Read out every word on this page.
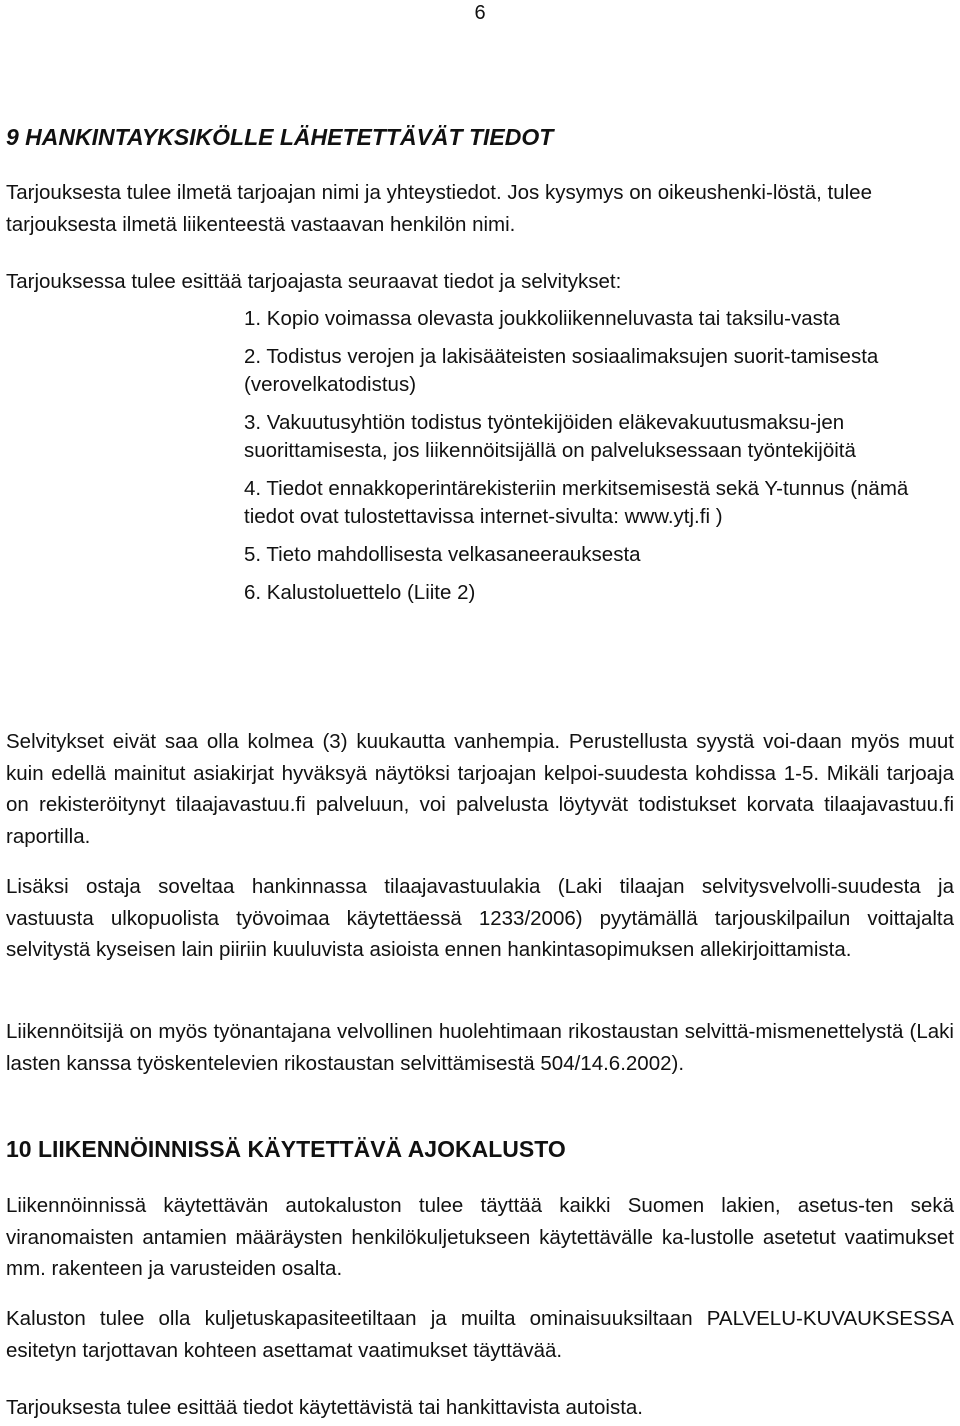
6
9 HANKINTAYKSIKÖLLE LÄHETETTÄVÄT TIEDOT

Tarjouksesta tulee ilmetä tarjoajan nimi ja yhteystiedot. Jos kysymys on oikeushenki-löstä, tulee tarjouksesta ilmetä liikenteestä vastaavan henkilön nimi.

Tarjouksessa tulee esittää tarjoajasta seuraavat tiedot ja selvitykset:

1. Kopio voimassa olevasta joukkoliikenneluvasta tai taksilu-vasta
2. Todistus verojen ja lakisääteisten sosiaalimaksujen suorit-tamisesta (verovelkatodistus)
3. Vakuutusyhtiön todistus työntekijöiden eläkevakuutusmaksu-jen suorittamisesta, jos liikennöitsijällä on palveluksessaan työntekijöitä
4. Tiedot ennakkoperintärekisteriin merkitsemisestä sekä Y-tunnus (nämä tiedot ovat tulostettavissa internet-sivulta: www.ytj.fi )
5. Tieto mahdollisesta velkasaneerauksesta
6. Kalustoluettelo (Liite 2)

Selvitykset eivät saa olla kolmea (3) kuukautta vanhempia. Perustellusta syystä voi-daan myös muut kuin edellä mainitut asiakirjat hyväksyä näytöksi tarjoajan kelpoi-suudesta kohdissa 1-5. Mikäli tarjoaja on rekisteröitynyt tilaajavastuu.fi palveluun, voi palvelusta löytyvät todistukset korvata tilaajavastuu.fi raportilla.

Lisäksi ostaja soveltaa hankinnassa tilaajavastuulakia (Laki tilaajan selvitysvelvolli-suudesta ja vastuusta ulkopuolista työvoimaa käytettäessä 1233/2006) pyytämällä tarjouskilpailun voittajalta selvitystä kyseisen lain piiriin kuuluvista asioista ennen hankintasopimuksen allekirjoittamista.

Liikennöitsijä on myös työnantajana velvollinen huolehtimaan rikostaustan selvittä-mismenettelystä (Laki lasten kanssa työskentelevien rikostaustan selvittämisestä 504/14.6.2002).

10 LIIKENNÖINNISSÄ KÄYTETTÄVÄ AJOKALUSTO

Liikennöinnissä käytettävän autokaluston tulee täyttää kaikki Suomen lakien, asetus-ten sekä viranomaisten antamien määräysten henkilökuljetukseen käytettävälle ka-lustolle asetetut vaatimukset mm. rakenteen ja varusteiden osalta.

Kaluston tulee olla kuljetuskapasiteetiltaan ja muilta ominaisuuksiltaan PALVELU-KUVAUKSESSA esitetyn tarjottavan kohteen asettamat vaatimukset täyttävää.

Tarjouksesta tulee esittää tiedot käytettävistä tai hankittavista autoista.
